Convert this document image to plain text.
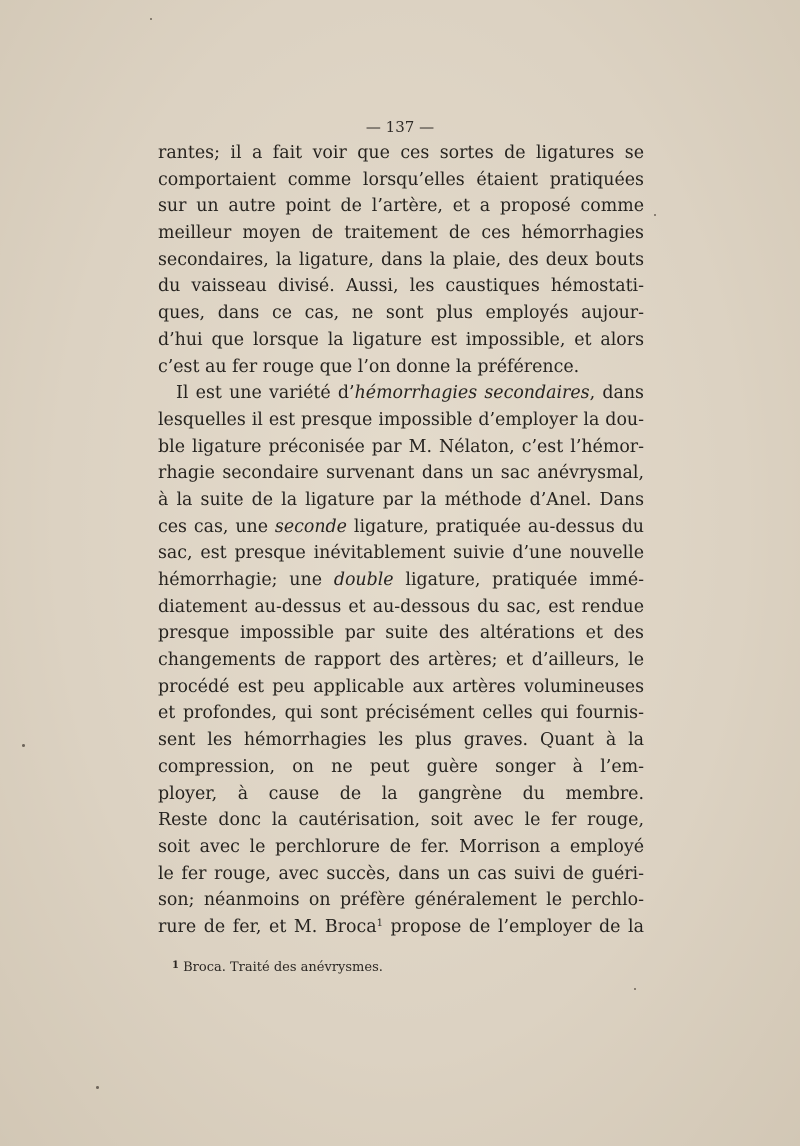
— 137 —
rantes; il a fait voir que ces sortes de ligatures se
comportaient comme lorsqu’elles étaient pratiquées
sur un autre point de l’artère, et a proposé comme
meilleur moyen de traitement de ces hémorrhagies
secondaires, la ligature, dans la plaie, des deux bouts
du vaisseau divisé. Aussi, les caustiques hémostati-
ques, dans ce cas, ne sont plus employés aujour-
d’hui que lorsque la ligature est impossible, et alors
c’est au fer rouge que l’on donne la préférence.
Il est une variété d’hémorrhagies secondaires, dans
lesquelles il est presque impossible d’employer la dou-
ble ligature préconisée par M. Nélaton, c’est l’hémor-
rhagie secondaire survenant dans un sac anévrysmal,
à la suite de la ligature par la méthode d’Anel. Dans
ces cas, une seconde ligature, pratiquée au-dessus du
sac, est presque inévitablement suivie d’une nouvelle
hémorrhagie; une double ligature, pratiquée immé-
diatement au-dessus et au-dessous du sac, est rendue
presque impossible par suite des altérations et des
changements de rapport des artères; et d’ailleurs, le
procédé est peu applicable aux artères volumineuses
et profondes, qui sont précisément celles qui fournis-
sent les hémorrhagies les plus graves. Quant à la
compression, on ne peut guère songer à l’em-
ployer, à cause de la gangrène du membre.
Reste donc la cautérisation, soit avec le fer rouge,
soit avec le perchlorure de fer. Morrison a employé
le fer rouge, avec succès, dans un cas suivi de guéri-
son; néanmoins on préfère généralement le perchlo-
rure de fer, et M. Broca$^1$ propose de l’employer de la
$^1$ Broca. Traité des anévrysmes.
